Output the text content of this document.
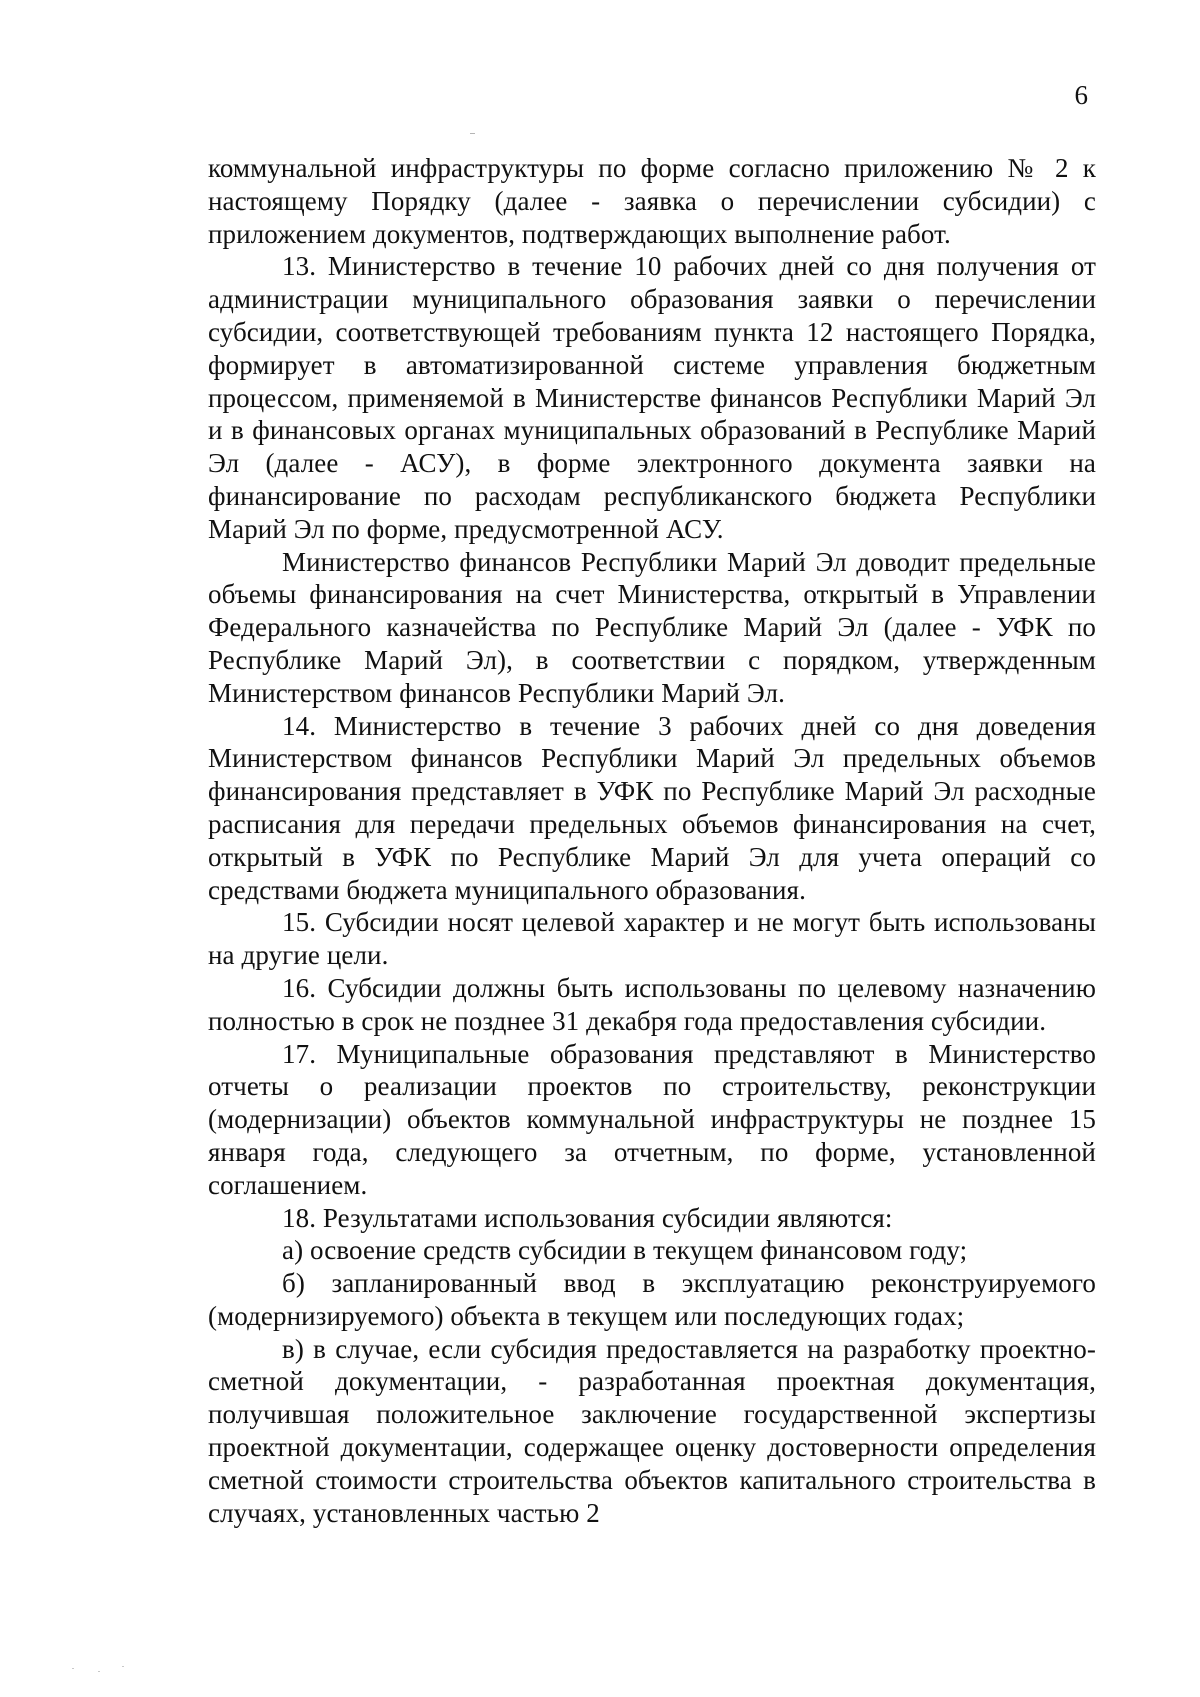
6

коммунальной инфраструктуры по форме согласно приложению № 2 к настоящему Порядку (далее - заявка о перечислении субсидии) с приложением документов, подтверждающих выполнение работ.

13. Министерство в течение 10 рабочих дней со дня получения от администрации муниципального образования заявки о перечислении субсидии, соответствующей требованиям пункта 12 настоящего Порядка, формирует в автоматизированной системе управления бюджетным процессом, применяемой в Министерстве финансов Республики Марий Эл и в финансовых органах муниципальных образований в Республике Марий Эл (далее - АСУ), в форме электронного документа заявки на финансирование по расходам республиканского бюджета Республики Марий Эл по форме, предусмотренной АСУ.

Министерство финансов Республики Марий Эл доводит предельные объемы финансирования на счет Министерства, открытый в Управлении Федерального казначейства по Республике Марий Эл (далее - УФК по Республике Марий Эл), в соответствии с порядком, утвержденным Министерством финансов Республики Марий Эл.

14. Министерство в течение 3 рабочих дней со дня доведения Министерством финансов Республики Марий Эл предельных объемов финансирования представляет в УФК по Республике Марий Эл расходные расписания для передачи предельных объемов финансирования на счет, открытый в УФК по Республике Марий Эл для учета операций со средствами бюджета муниципального образования.

15. Субсидии носят целевой характер и не могут быть использованы на другие цели.

16. Субсидии должны быть использованы по целевому назначению полностью в срок не позднее 31 декабря года предоставления субсидии.

17. Муниципальные образования представляют в Министерство отчеты о реализации проектов по строительству, реконструкции (модернизации) объектов коммунальной инфраструктуры не позднее 15 января года, следующего за отчетным, по форме, установленной соглашением.

18. Результатами использования субсидии являются:

а) освоение средств субсидии в текущем финансовом году;

б) запланированный ввод в эксплуатацию реконструируемого (модернизируемого) объекта в текущем или последующих годах;

в) в случае, если субсидия предоставляется на разработку проектно-сметной документации, - разработанная проектная документация, получившая положительное заключение государственной экспертизы проектной документации, содержащее оценку достоверности определения сметной стоимости строительства объектов капитального строительства в случаях, установленных частью 2
